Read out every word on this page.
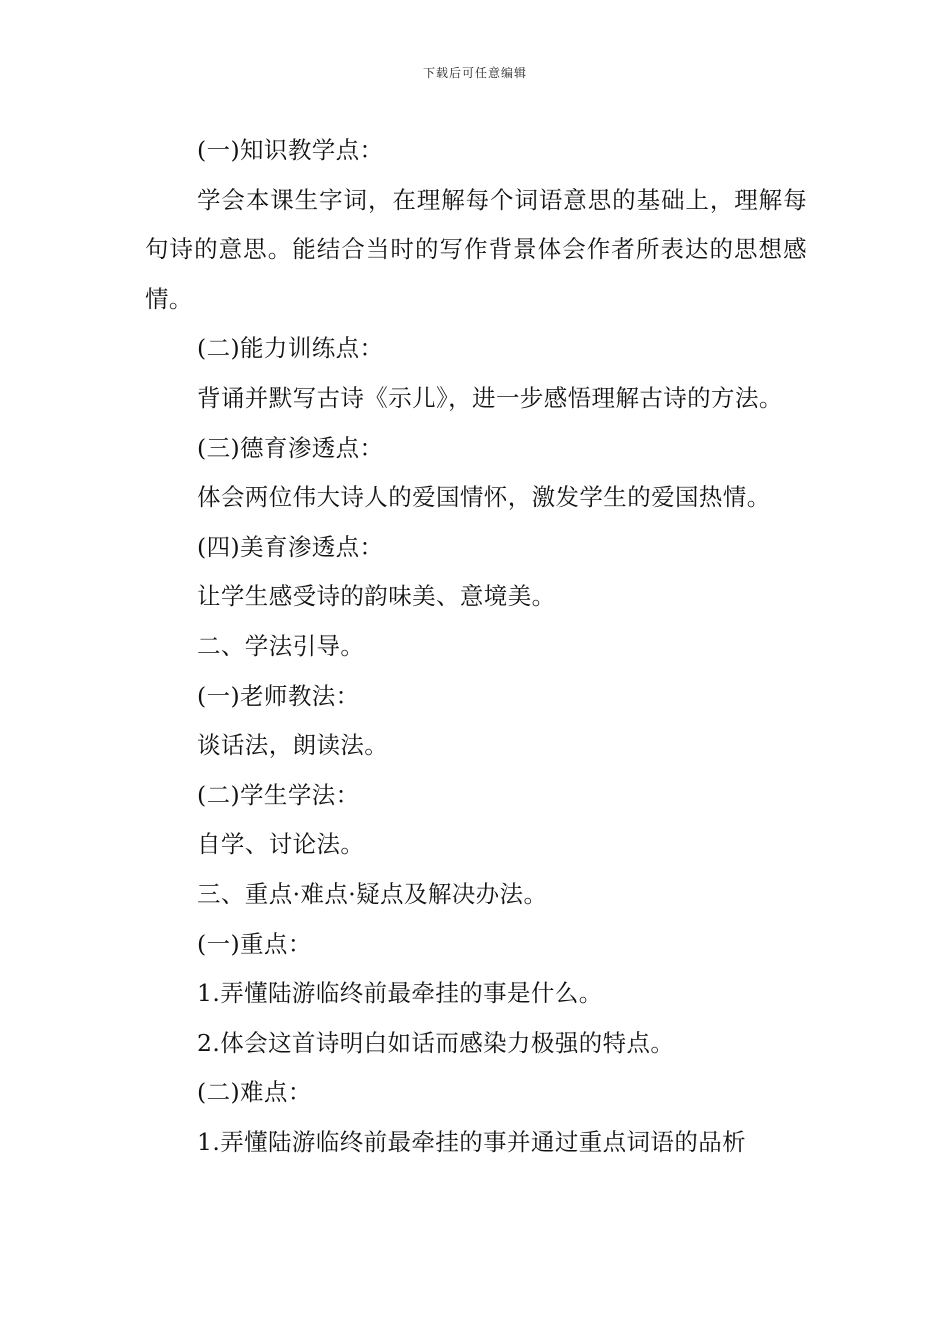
下载后可任意编辑

(一)知识教学点：

学会本课生字词，在理解每个词语意思的基础上，理解每句诗的意思。能结合当时的写作背景体会作者所表达的思想感情。

(二)能力训练点：

背诵并默写古诗《示儿》，进一步感悟理解古诗的方法。

(三)德育渗透点：

体会两位伟大诗人的爱国情怀，激发学生的爱国热情。

(四)美育渗透点：

让学生感受诗的韵味美、意境美。

二、学法引导。

(一)老师教法：

谈话法，朗读法。

(二)学生学法：

自学、讨论法。

三、重点·难点·疑点及解决办法。

(一)重点：

1.弄懂陆游临终前最牵挂的事是什么。

2.体会这首诗明白如话而感染力极强的特点。

(二)难点：

1.弄懂陆游临终前最牵挂的事并通过重点词语的品析
